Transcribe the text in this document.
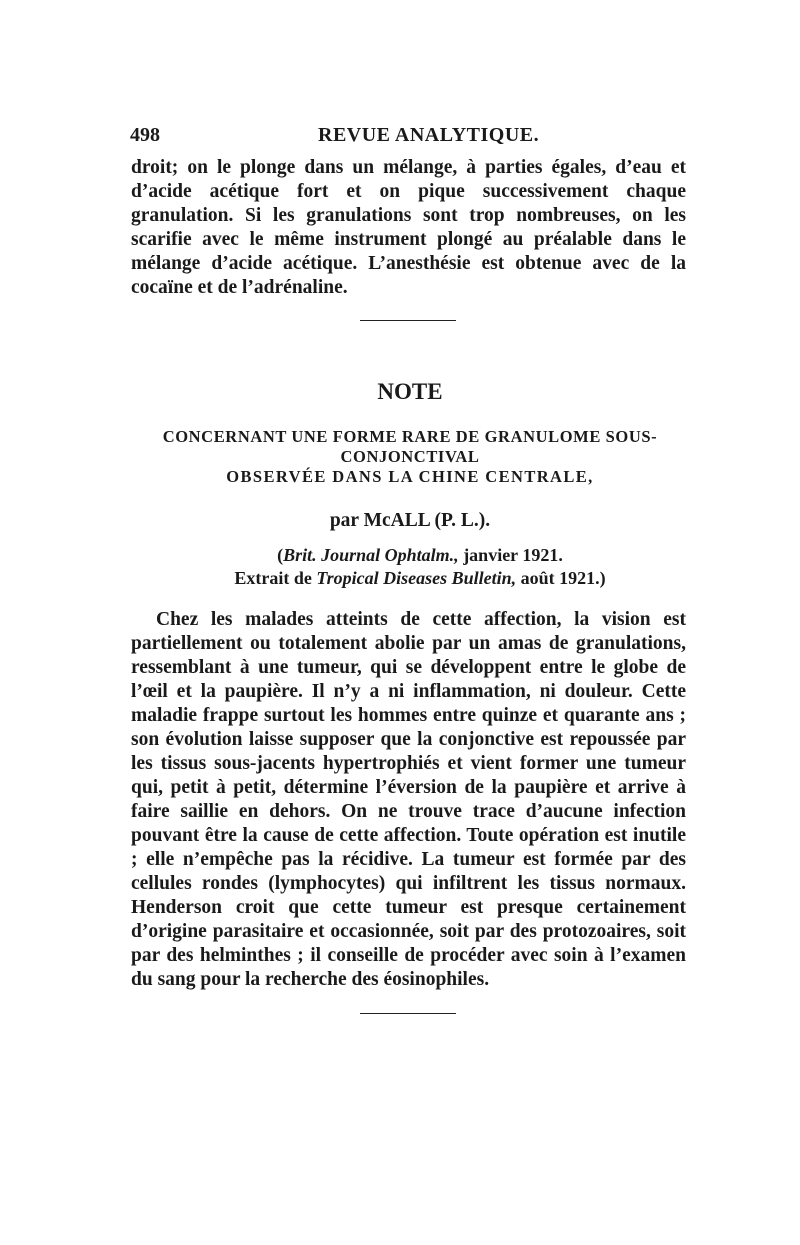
498	REVUE ANALYTIQUE.

droit; on le plonge dans un mélange, à parties égales, d’eau et d’acide acétique fort et on pique successivement chaque granulation. Si les granulations sont trop nombreuses, on les scarifie avec le même instrument plongé au préalable dans le mélange d’acide acétique. L’anesthésie est obtenue avec de la cocaïne et de l’adrénaline.

NOTE

CONCERNANT UNE FORME RARE DE GRANULOME SOUS-CONJONCTIVAL

OBSERVÉE DANS LA CHINE CENTRALE,

par McALL (P. L.).

(Brit. Journal Ophtalm., janvier 1921.

Extrait de Tropical Diseases Bulletin, août 1921.)

Chez les malades atteints de cette affection, la vision est partiellement ou totalement abolie par un amas de granulations, ressemblant à une tumeur, qui se développent entre le globe de l’œil et la paupière. Il n’y a ni inflammation, ni douleur. Cette maladie frappe surtout les hommes entre quinze et quarante ans ; son évolution laisse supposer que la conjonctive est repoussée par les tissus sous-jacents hypertrophiés et vient former une tumeur qui, petit à petit, détermine l’éversion de la paupière et arrive à faire saillie en dehors. On ne trouve trace d’aucune infection pouvant être la cause de cette affection. Toute opération est inutile ; elle n’empêche pas la récidive. La tumeur est formée par des cellules rondes (lymphocytes) qui infiltrent les tissus normaux. Henderson croit que cette tumeur est presque certainement d’origine parasitaire et occasionnée, soit par des protozoaires, soit par des helminthes ; il conseille de procéder avec soin à l’examen du sang pour la recherche des éosinophiles.
